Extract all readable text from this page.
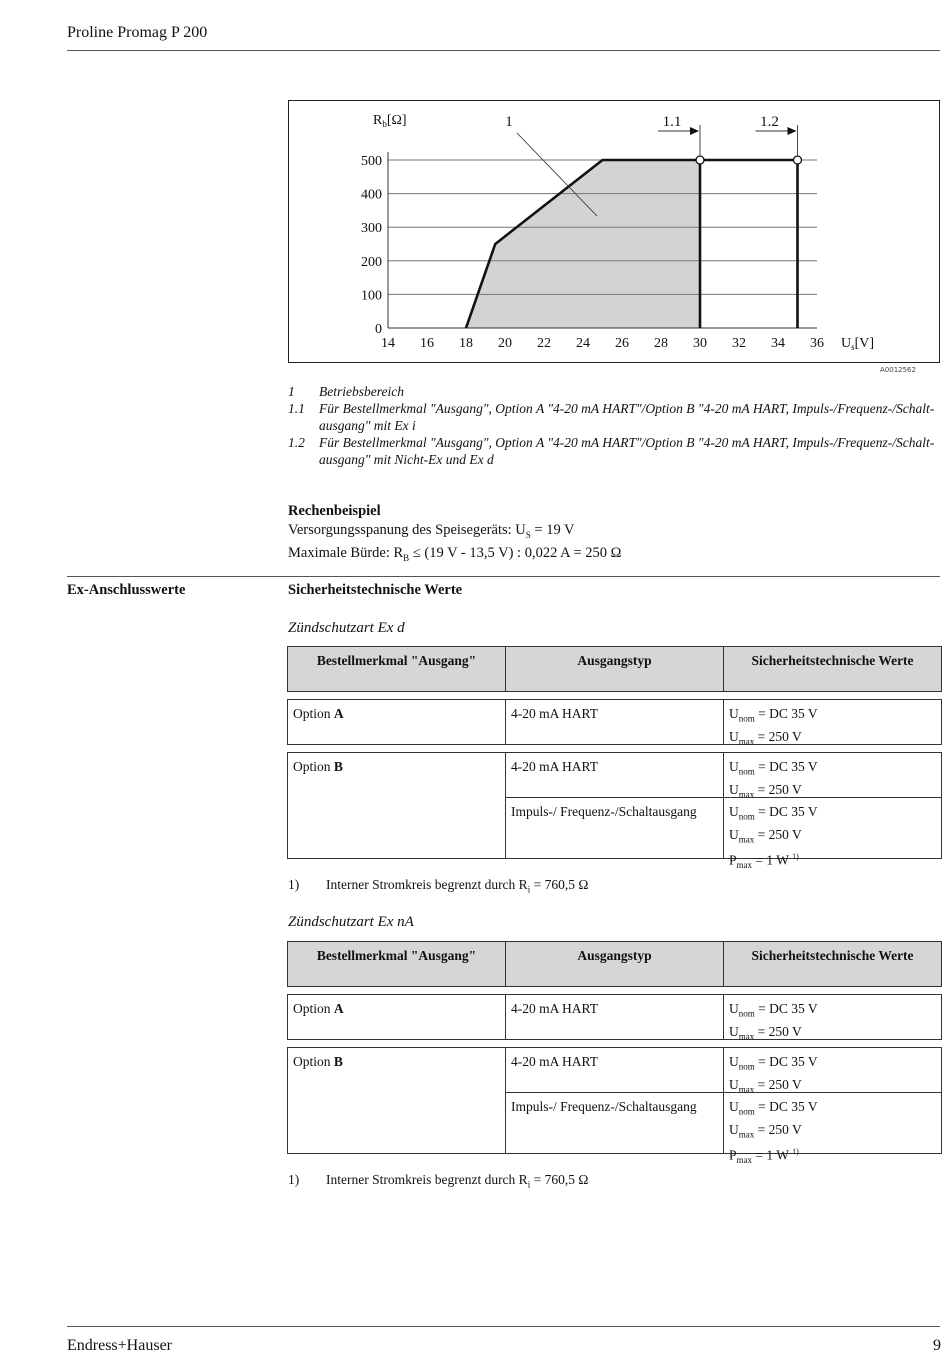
Proline Promag P 200
0
100
200
300
400
500
14 16 18 20 22 24 26 28 30 32 34 36
$R_b[\Omega]$
$U_s[V]$
1	1.1	1.2
A0012562
1	Betriebsbereich
1.1	Für Bestellmerkmal "Ausgang", Option A "4-20 mA HART"/Option B "4-20 mA HART, Impuls-/Frequenz-/Schaltausgang" mit Ex i
1.2	Für Bestellmerkmal "Ausgang", Option A "4-20 mA HART"/Option B "4-20 mA HART, Impuls-/Frequenz-/Schaltausgang" mit Nicht-Ex und Ex d
Rechenbeispiel
Versorgungsspanung des Speisegeräts: $U_S = 19$ V
Maximale Bürde: $R_B \le (19$ V - 13,5 V) : 0,022 A = 250 Ω
Ex-Anschlusswerte	Sicherheitstechnische Werte
Zündschutzart Ex d
Bestellmerkmal "Ausgang"	Ausgangstyp	Sicherheitstechnische Werte
Option A	4-20 mA HART	$U_{nom}$ = DC 35 V
$U_{max} = 250$ V
Option B	4-20 mA HART	$U_{nom}$ = DC 35 V
$U_{max} = 250$ V
Impuls-/ Frequenz-/Schaltausgang	$U_{nom}$ = DC 35 V
$U_{max} = 250$ V
$P_{max} = 1$ W $^{1)}$
1)	Interner Stromkreis begrenzt durch $R_i = 760,5$ Ω
Zündschutzart Ex nA
Bestellmerkmal "Ausgang"	Ausgangstyp	Sicherheitstechnische Werte
Option A	4-20 mA HART	$U_{nom}$ = DC 35 V
$U_{max} = 250$ V
Option B	4-20 mA HART	$U_{nom}$ = DC 35 V
$U_{max} = 250$ V
Impuls-/ Frequenz-/Schaltausgang	$U_{nom}$ = DC 35 V
$U_{max} = 250$ V
$P_{max} = 1$ W $^{1)}$
1)	Interner Stromkreis begrenzt durch $R_i = 760,5$ Ω
Endress+Hauser	9
